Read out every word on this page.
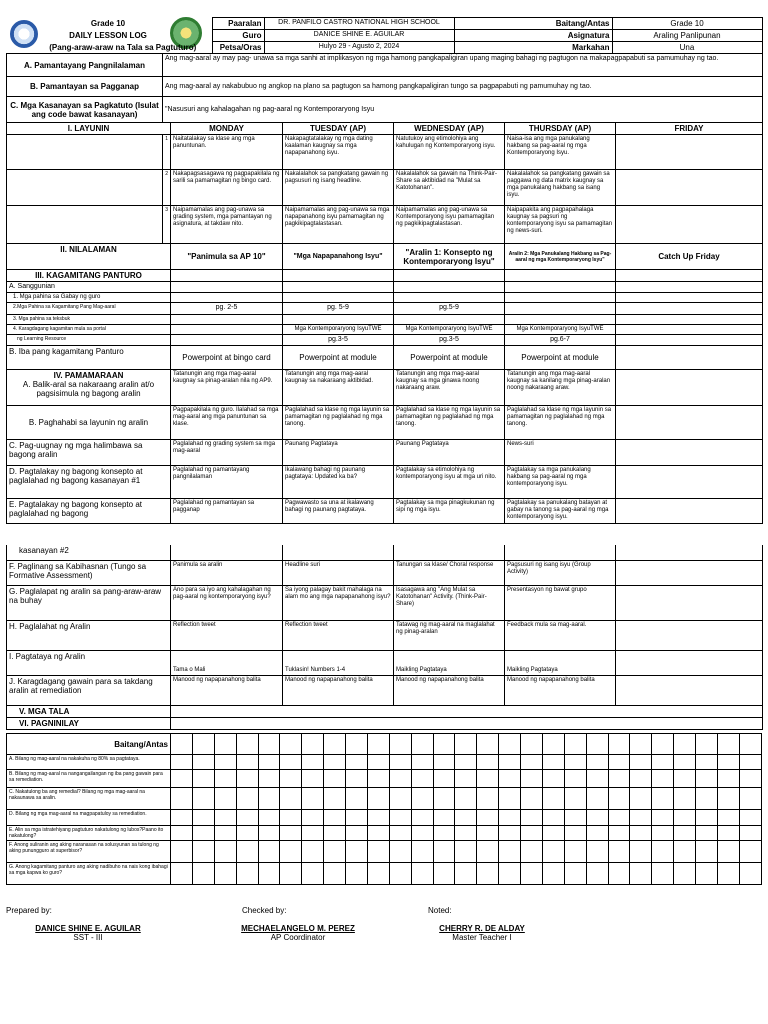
	Grade 10		Paaralan	DR. PANFILO CASTRO NATIONAL HIGH SCHOOL	Baitang/Antas	Grade 10
	DAILY LESSON LOG		Guro	DANICE SHINE E. AGUILAR	Asignatura	Araling Panlipunan
	(Pang-araw-araw na Tala sa Pagtuturo)		Petsa/Oras	Hulyo 29 - Agusto 2, 2024	Markahan	Una
A. Pamantayang Pangnilalaman	Ang mag-aaral ay may pag- unawa sa mga sanhi at implikasyon ng mga hamong pangkapaligiran upang maging bahagi ng pagtugon na makapagpapabuti sa pamumuhay ng tao.					
B. Pamantayan sa Pagganap	Ang mag-aaral ay nakabubuo ng angkop na plano sa pagtugon sa hamong pangkapaligiran tungo sa pagpapabuti ng pamumuhay ng tao.					
C. Mga Kasanayan sa Pagkatuto (Isulat ang code bawat kasanayan)	"Nasusuri ang kahalagahan ng pag-aaral ng Kontemporaryong Isyu					
I. LAYUNIN		MONDAY	TUESDAY (AP)	WEDNESDAY (AP)	THURSDAY (AP)	FRIDAY
	1	Naitatalakay sa klase ang mga panuntunan.	Nakapagtatalakay ng mga dating kaalaman kaugnay sa mga napapanahong isyu.	Natutukoy ang etimolohiya ang kahulugan ng Kontemporaryong isyu.	Naisa-isa ang mga panukalang hakbang sa pag-aaral ng mga Kontemporaryong Isyu.	
	2	Nakapagsasagawa ng pagpapakilala ng sarili sa pamamagitan ng bingo card.	Nakalalahok sa pangkatang gawain ng pagsusuri ng isang headline.	Nakalalahok sa gawain na Think-Pair-Share sa aktibidad na "Mulat sa Katotohanan".	Nakalalahok sa pangkatang gawain sa paggawa ng data matrix kaugnay sa mga panukalang hakbang sa isang isyu.	
	3	Naipamamalas ang pag-unawa sa grading system, mga pamantayan ng asignatura, at takdaw nito.	Naipamamalas ang pag-unawa sa mga napapanahong isyu pamamagitan ng pagkikipagtalastasan.	Naipamamalas ang pag-unawa sa Kontemporaryong isyu pamamagitan ng pagkikipagtalastasan.	Naipapakita ang pagpapahalaga kaugnay sa pagsuri ng kontemporaryong isyu sa pamamagitan ng news-suri.	
II. NILALAMAN		"Panimula sa AP 10"	"Mga Napapanahong Isyu"	"Aralin 1: Konsepto ng Kontemporaryong Isyu"	Aralin 2: Mga Panukalang Hakbang sa Pag-aaral ng mga Kontemporaryong Isyu"	Catch Up Friday
III. KAGAMITANG PANTURO						
A. Sanggunian						
1. Mga pahina sa Gabay ng guro						
2.Mga Pahina sa Kagamitang Pang Mag-aaral		pg. 2-5	pg. 5-9	pg.5-9		
3. Mga pahina sa teksbuk						
4. Karagdagang kagamitan mula sa portal			Mga Kontemporaryong IsyuTWE	Mga Kontemporaryong IsyuTWE	Mga Kontemporaryong IsyuTWE	
ng Learning Resource			pg.3-5	pg.3-5	pg.6-7	
B. Iba pang kagamitang Panturo		Powerpoint at bingo card	Powerpoint at module	Powerpoint at module	Powerpoint at module	

IV. PAMAMARAAN
A. Balik-aral sa nakaraang aralin at/o pagsisimula ng bagong aralin		Tatanungin ang mga mag-aaral kaugnay sa pinag-aralan nila ng AP9.	Tatanungin ang mga mag-aaral kaugnay sa nakaraang aktibidad.	Tatanungin ang mga mag-aaral kaugnay sa mga ginawa noong nakaraang araw.	Tatanungin ang mga mag-aaral kaugnay sa kanilang mga pinag-aralan noong nakaraang araw.	
B. Paghahabi sa layunin ng aralin		Pagpapakilala ng guro. Ilalahad sa mga mag-aaral ang mga panuntunan sa klase.	Paglalahad sa klase ng mga layunin sa pamamagitan ng paglalahad ng mga tanong.	Paglalahad sa klase ng mga layunin sa pamamagitan ng paglalahad ng mga tanong.	Paglalahad sa klase ng mga layunin sa pamamagitan ng paglalahad ng mga tanong.	
C. Pag-uugnay ng mga halimbawa sa bagong aralin		Paglalahad ng grading system sa mga mag-aaral	Paunang Pagtataya	Paunang Pagtataya	News-suri	
D. Pagtalakay ng bagong konsepto at paglalahad ng bagong kasanayan #1		Paglalahad ng pamantayang pangnilalaman	Ikalawang bahagi ng paunang pagtataya: Updated ka ba?	Pagtalakay sa etimolohiya ng kontemporaryong isyu at mga uri nito.	Pagtalakay sa mga panukalang hakbang sa pag-aaral ng mga kontemporaryong isyu.	
E. Pagtalakay ng bagong konsepto at paglalahad ng bagong		Paglalahad ng pamantayan sa pagganap	Pagwawasto sa una at ikalawang bahagi ng paunang pagtataya.	Pagtalakay sa mga pinagkukunan ng sipi ng mga isyu.	Pagtalakay sa panukalang batayan at gabay na tanong sa pag-aaral ng mga kontemporaryong isyu.	
kasanayan #2					
F. Paglinang sa Kabihasnan (Tungo sa Formative Assessment)	Panimula sa aralin	Headline suri	Tanungan sa klase/ Choral response	Pagsusuri ng isang isyu (Group Activity)	
G. Paglalapat ng aralin sa pang-araw-araw na buhay	Ano para sa iyo ang kahalagahan ng pag-aaral ng kontemporaryong isyu?	Sa iyong palagay bakit mahalaga na alam mo ang mga napapanahong isyu?	Isasagawa ang "Ang Mulat sa Katotohanan" Activity. (Think-Pair-Share)	Presentasyon ng bawat grupo	
H. Paglalahat ng Aralin	Reflection tweet	Reflection tweet	Tatawag ng mag-aaral na maglalahat ng pinag-aralan	Feedback mula sa mag-aaral.	
I. Pagtataya ng Aralin	Tama o Mali	Tuklasin! Numbers 1-4	Maikling Pagtataya	Maikling Pagtataya	
J. Karagdagang gawain para sa takdang aralin at remediation	Manood ng napapanahong balita	Manood ng napapanahong balita	Manood ng napapanahong balita	Manood ng napapanahong balita	
V. MGA TALA					
VI. PAGNINILAY					

Baitang/Antas																											
A. Bilang ng mag-aaral na nakakuha ng 80% sa pagtataya.																											
B. Bilang ng mag-aaral na nangangailangan ng iba pang gawain para sa remediation.																											
C. Nakatulong ba ang remedial? Bilang ng mga mag-aaral na nakaunawa sa aralin.																											
D. Bilang ng mga mag-aaral na magpapatuloy sa remediation.																											
E. Alin sa mga istratehiyang pagtuturo nakatulong ng lubos?Paano ito nakatulong?																											
F. Anong suliranin ang aking naranasan na solusyunan sa tulong ng aking punungguro at superbisor?																											
G. Anong kagamitang panturo ang aking nadibuho na nais kong ibahagi sa mga kapwa ko guro?																											
Prepared by:	Checked by:	Noted:
DANICE SHINE E. AGUILAR
SST - III
MECHAELANGELO M. PEREZ
AP Coordinator
CHERRY R. DE ALDAY
Master Teacher I
